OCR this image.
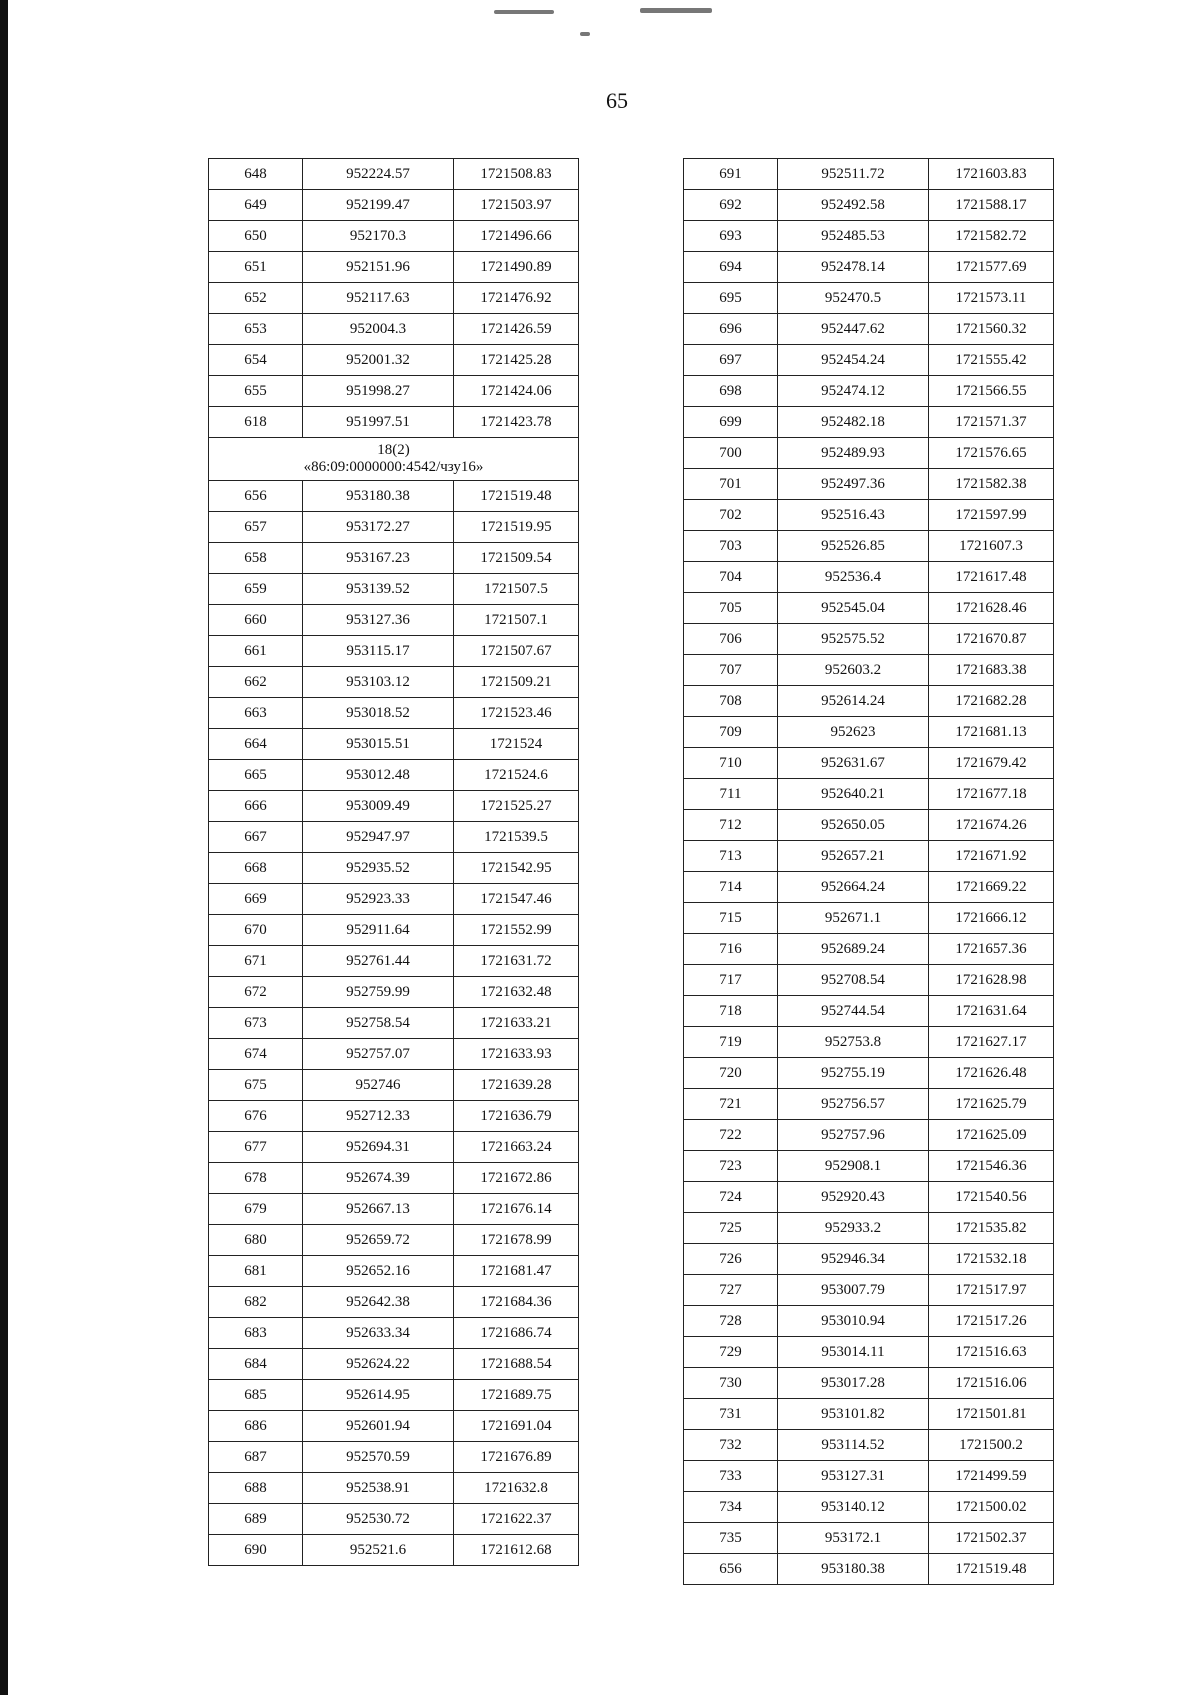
65
648	952224.57	1721508.83
649	952199.47	1721503.97
650	952170.3	1721496.66
651	952151.96	1721490.89
652	952117.63	1721476.92
653	952004.3	1721426.59
654	952001.32	1721425.28
655	951998.27	1721424.06
618	951997.51	1721423.78

18(2)
«86:09:0000000:4542/чзу16»		

656	953180.38	1721519.48
657	953172.27	1721519.95
658	953167.23	1721509.54
659	953139.52	1721507.5
660	953127.36	1721507.1
661	953115.17	1721507.67
662	953103.12	1721509.21
663	953018.52	1721523.46
664	953015.51	1721524
665	953012.48	1721524.6
666	953009.49	1721525.27
667	952947.97	1721539.5
668	952935.52	1721542.95
669	952923.33	1721547.46
670	952911.64	1721552.99
671	952761.44	1721631.72
672	952759.99	1721632.48
673	952758.54	1721633.21
674	952757.07	1721633.93
675	952746	1721639.28
676	952712.33	1721636.79
677	952694.31	1721663.24
678	952674.39	1721672.86
679	952667.13	1721676.14
680	952659.72	1721678.99
681	952652.16	1721681.47
682	952642.38	1721684.36
683	952633.34	1721686.74
684	952624.22	1721688.54
685	952614.95	1721689.75
686	952601.94	1721691.04
687	952570.59	1721676.89
688	952538.91	1721632.8
689	952530.72	1721622.37
690	952521.6	1721612.68
691	952511.72	1721603.83
692	952492.58	1721588.17
693	952485.53	1721582.72
694	952478.14	1721577.69
695	952470.5	1721573.11
696	952447.62	1721560.32
697	952454.24	1721555.42
698	952474.12	1721566.55
699	952482.18	1721571.37
700	952489.93	1721576.65
701	952497.36	1721582.38
702	952516.43	1721597.99
703	952526.85	1721607.3
704	952536.4	1721617.48
705	952545.04	1721628.46
706	952575.52	1721670.87
707	952603.2	1721683.38
708	952614.24	1721682.28
709	952623	1721681.13
710	952631.67	1721679.42
711	952640.21	1721677.18
712	952650.05	1721674.26
713	952657.21	1721671.92
714	952664.24	1721669.22
715	952671.1	1721666.12
716	952689.24	1721657.36
717	952708.54	1721628.98
718	952744.54	1721631.64
719	952753.8	1721627.17
720	952755.19	1721626.48
721	952756.57	1721625.79
722	952757.96	1721625.09
723	952908.1	1721546.36
724	952920.43	1721540.56
725	952933.2	1721535.82
726	952946.34	1721532.18
727	953007.79	1721517.97
728	953010.94	1721517.26
729	953014.11	1721516.63
730	953017.28	1721516.06
731	953101.82	1721501.81
732	953114.52	1721500.2
733	953127.31	1721499.59
734	953140.12	1721500.02
735	953172.1	1721502.37
656	953180.38	1721519.48
